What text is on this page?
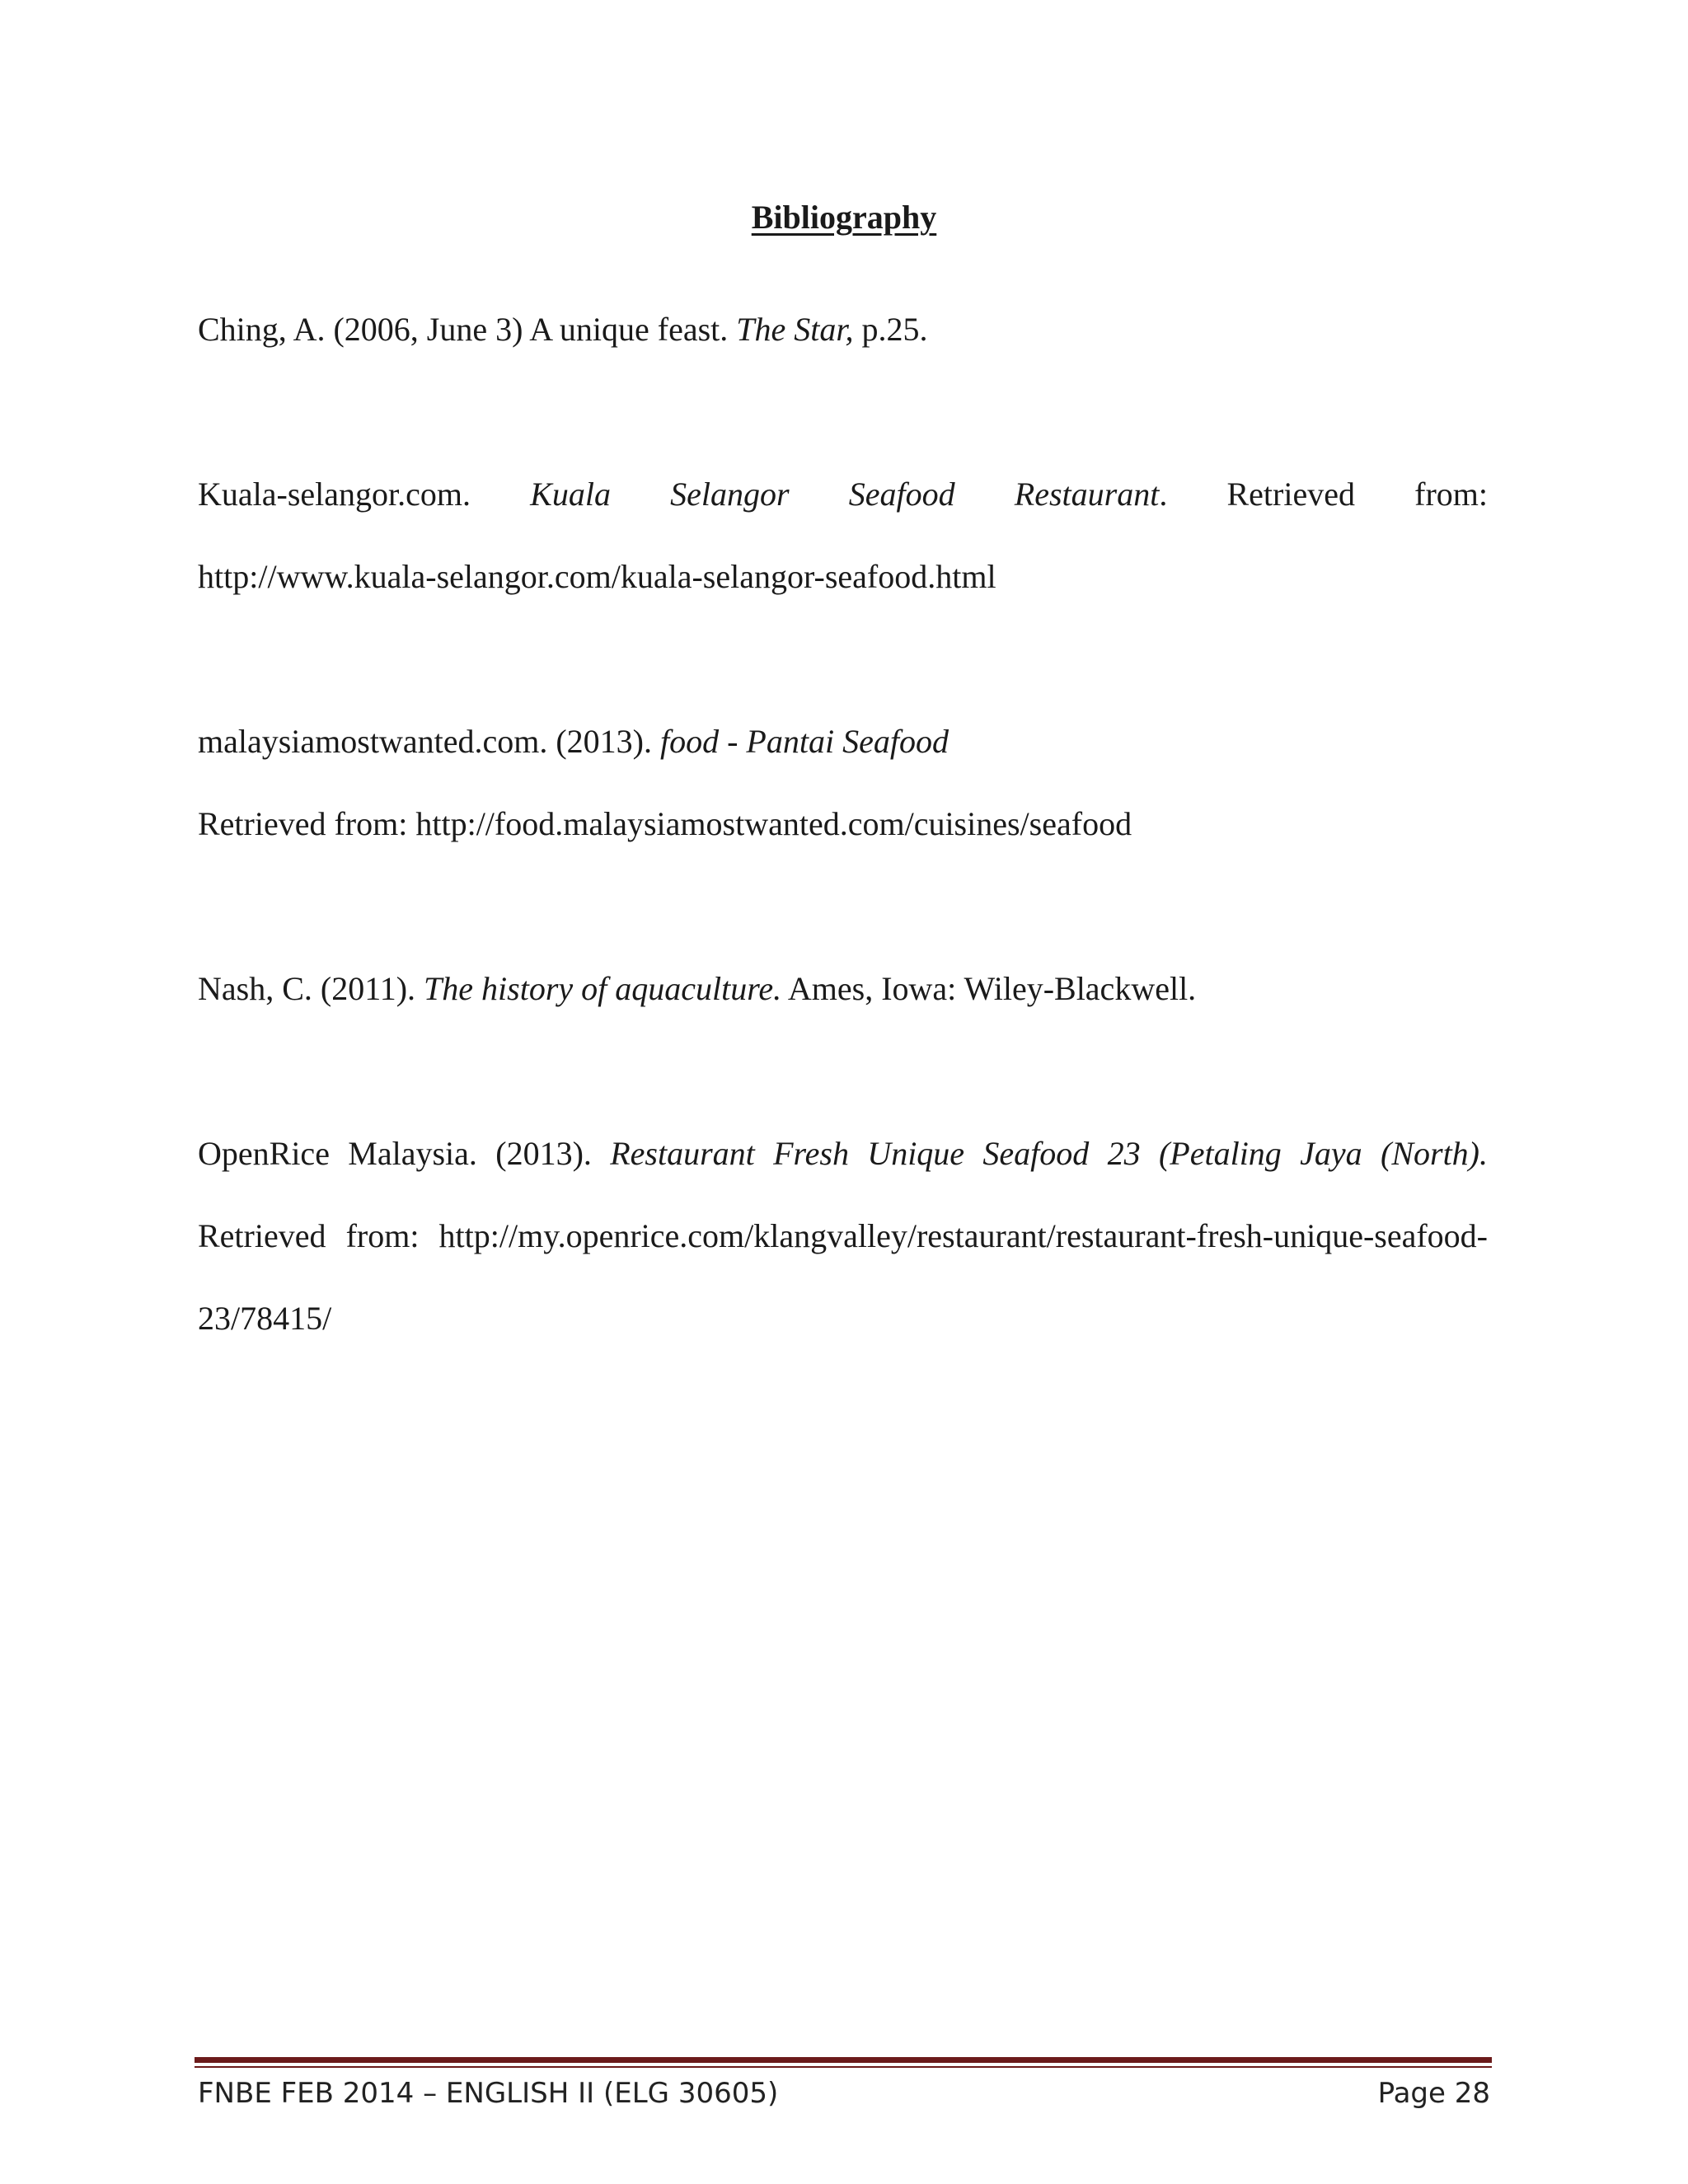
Bibliography

Ching, A. (2006, June 3) A unique feast. The Star, p.25.

Kuala-selangor.com. Kuala Selangor Seafood Restaurant. Retrieved from:
http://www.kuala-selangor.com/kuala-selangor-seafood.html

malaysiamostwanted.com. (2013). food - Pantai Seafood
Retrieved from: http://food.malaysiamostwanted.com/cuisines/seafood

Nash, C. (2011). The history of aquaculture. Ames, Iowa: Wiley-Blackwell.

OpenRice Malaysia. (2013). Restaurant Fresh Unique Seafood 23 (Petaling Jaya (North). Retrieved from: http://my.openrice.com/klangvalley/restaurant/restaurant-fresh-unique-seafood-23/78415/

FNBE FEB 2014 – ENGLISH II (ELG 30605)	Page 28
